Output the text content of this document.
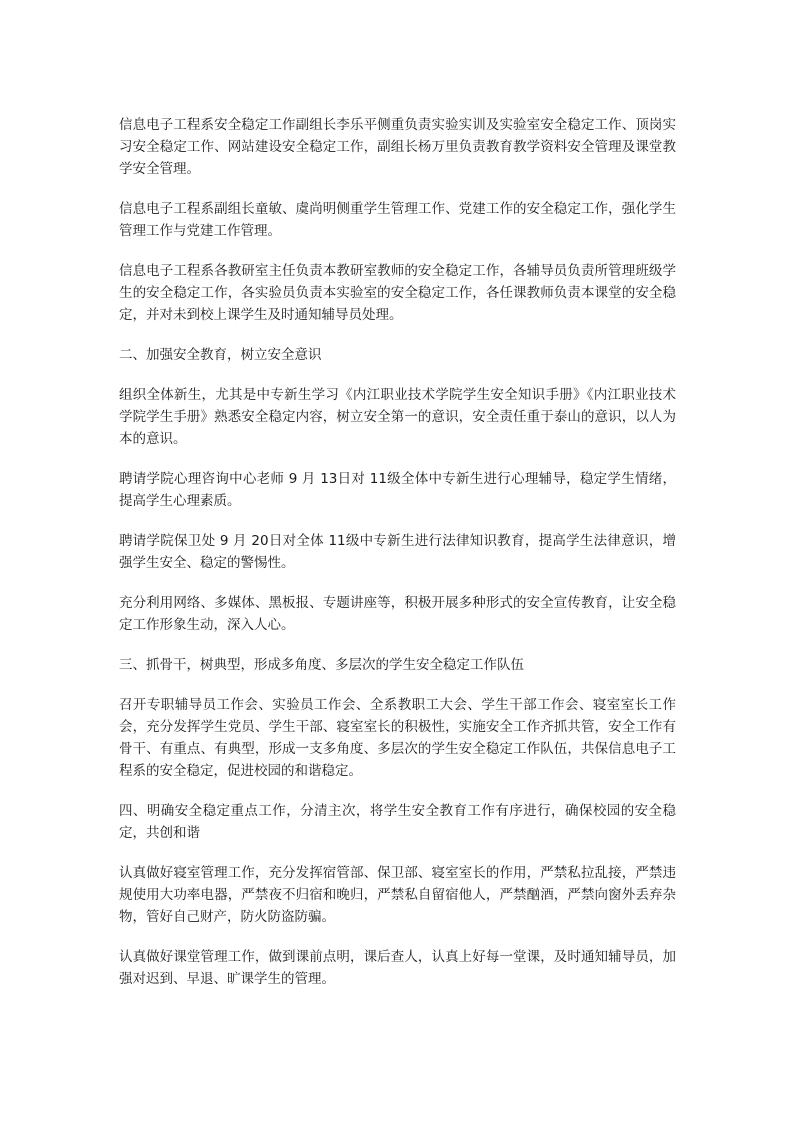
信息电子工程系安全稳定工作副组长李乐平侧重负责实验实训及实验室安全稳定工作、顶岗实习安全稳定工作、网站建设安全稳定工作，副组长杨万里负责教育教学资料安全管理及课堂教学安全管理。

信息电子工程系副组长童敏、虞尚明侧重学生管理工作、党建工作的安全稳定工作，强化学生管理工作与党建工作管理。

信息电子工程系各教研室主任负责本教研室教师的安全稳定工作，各辅导员负责所管理班级学生的安全稳定工作，各实验员负责本实验室的安全稳定工作，各任课教师负责本课堂的安全稳定，并对未到校上课学生及时通知辅导员处理。

二、加强安全教育，树立安全意识

组织全体新生，尤其是中专新生学习《内江职业技术学院学生安全知识手册》《内江职业技术学院学生手册》熟悉安全稳定内容，树立安全第一的意识，安全责任重于泰山的意识，以人为本的意识。

聘请学院心理咨询中心老师 9 月 13日对 11级全体中专新生进行心理辅导，稳定学生情绪，提高学生心理素质。

聘请学院保卫处 9 月 20日对全体 11级中专新生进行法律知识教育，提高学生法律意识，增强学生安全、稳定的警惕性。

充分利用网络、多媒体、黑板报、专题讲座等，积极开展多种形式的安全宣传教育，让安全稳定工作形象生动，深入人心。

三、抓骨干，树典型，形成多角度、多层次的学生安全稳定工作队伍

召开专职辅导员工作会、实验员工作会、全系教职工大会、学生干部工作会、寝室室长工作会，充分发挥学生党员、学生干部、寝室室长的积极性，实施安全工作齐抓共管，安全工作有骨干、有重点、有典型，形成一支多角度、多层次的学生安全稳定工作队伍，共保信息电子工程系的安全稳定，促进校园的和谐稳定。

四、明确安全稳定重点工作，分清主次，将学生安全教育工作有序进行，确保校园的安全稳定，共创和谐

认真做好寝室管理工作，充分发挥宿管部、保卫部、寝室室长的作用，严禁私拉乱接，严禁违规使用大功率电器，严禁夜不归宿和晚归，严禁私自留宿他人，严禁酗酒，严禁向窗外丢弃杂物，管好自己财产，防火防盗防骗。

认真做好课堂管理工作，做到课前点明，课后查人，认真上好每一堂课，及时通知辅导员，加强对迟到、早退、旷课学生的管理。
